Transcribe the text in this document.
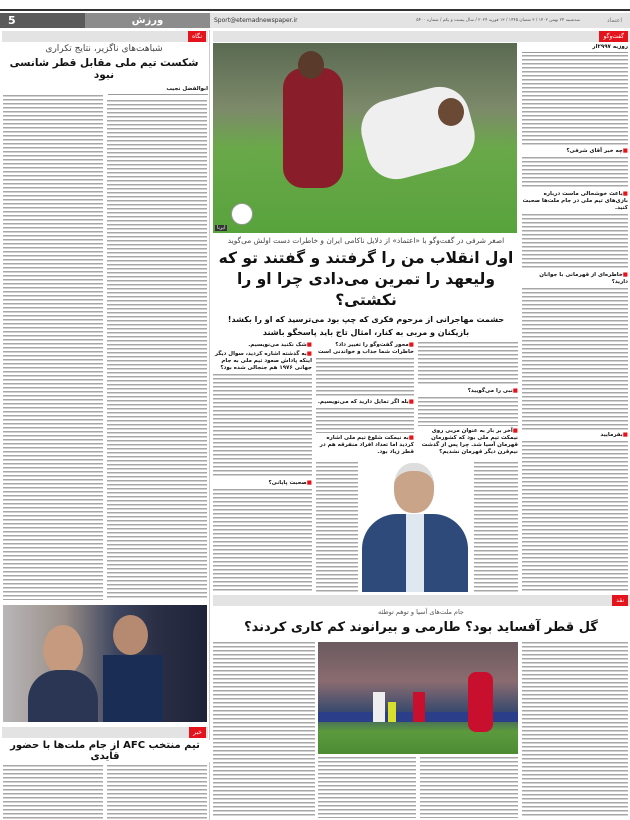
5	ورزش	Sport@etemadnewspaper.ir	سه‌شنبه ۲۴ بهمن ۱۴۰۲ / ۳ شعبان ۱۴۴۵ / ۱۳ فوریه ۲۰۲۴ / سال بیست و یکم / شماره ۵۴۰۰	اعتماد
نگاه
شباهت‌های ناگزیر، نتایج تکراری
شکست تیم ملی مقابل قطر شانسی نبود
ابوالفضل نجیب
خبر
تیم منتخب AFC از جام ملت‌ها با حضور قایدی
گفت‌وگو
ایرنا
روزبه ۲۹۹۷ار
■چه خبر آقای شرفی؟
■باعث خوشحالی ماست درباره بازی‌های تیم ملی در جام ملت‌ها صحبت کنید.
■خاطره‌ای از قهرمانی با جوانان دارید؟
■بفرمایید
اصغر شرفی در گفت‌وگو با «اعتماد» از دلایل ناکامی ایران و خاطرات دست اولش می‌گوید
اول انقلاب من را گرفتند و گفتند تو که
ولیعهد را تمرین می‌دادی چرا او را نکشتی؟
حشمت مهاجرانی از مرحوم فکری که چپ بود می‌ترسید که او را بکشد!
بازیکنان و مربی به کنار، امثال تاج باید پاسخگو باشند
■نبی را می‌گویید؟
■آخر بر بار به عنوان مربی روی نیمکت تیم ملی بود که کشورمان قهرمان آسیا شد. چرا پس از گذشت نیم‌قرن دیگر قهرمان نشدیم؟
■محور گفت‌وگو را تغییر داد؟ خاطرات شما جذاب و خواندنی است
■بله اگر تمایل دارید که می‌نویسیم.
■به نیمکت شلوغ تیم ملی اشاره کردید اما تعداد افراد منفرقه هم در قطر زیاد بود.
■شک نکنید می‌نویسیم.
■به گذشته اشاره کردید، سوال دیگر اینکه پاداش صعود تیم ملی به جام جهانی ۱۹۷۶ هم جنجالی شده بود؟
■صحبت پایانی؟
نقد
جام ملت‌های آسیا و توهم توطئه
گل قطر آفساید بود؟ طارمی و بیرانوند کم کاری کردند؟
